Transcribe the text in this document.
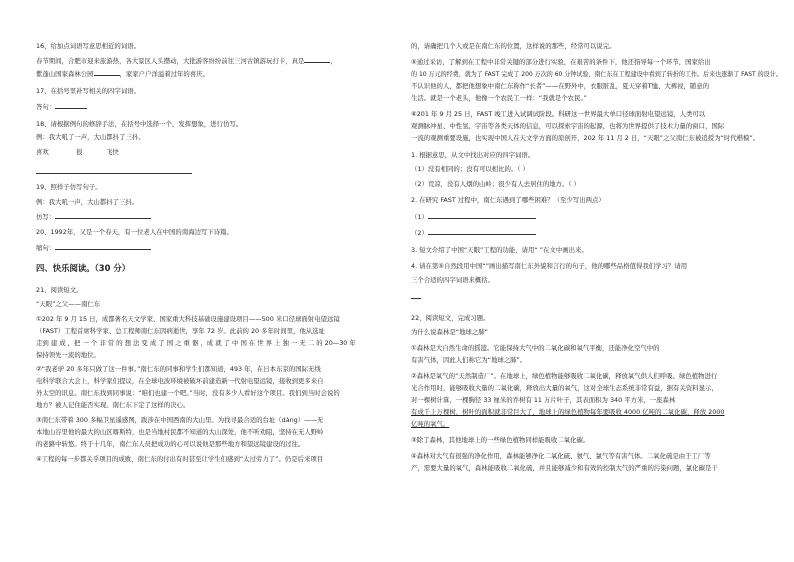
16、给加点词语写意思相近的词语。
春节期间，合肥市迎来旅游热，各大景区人头攒动，大批游客纷纷前往三河古镇游玩打卡，真是	，
紫蓬山国家森林公园	，家家户户洋溢着过年的喜庆。
17、在括号里补写相关的四字词语。
答句：
18、请根据例句的修辞手法，在括号中选择一个，发挥想象，进行仿写。
例：我大吼了一声，大山都抖了三抖。
喜欢	很	飞快
19、照样子仿写句子。
例：我大吼一声，大山都抖了三抖。
仿写：
20、1992年，又是一个春天，有一位老人在中国的南海边写下诗篇。
缩句：
四、快乐阅读。（30 分）
21、阅读短文。
“天眼”之父——南仁东
①202 年 9 月 15 日，成都著名天文学家、国家重大科技基础设施建设项目——500 米口径球面射电望远镜
（FAST）工程首席科学家、总工程师南仁东因病逝世，享年 72 岁。此前的 20 多年时间里，他从选址
走到 建 成 ，把 一 个 非 常 的 想 法 变 成 了 国 之 重 器 ，成 就 了 中 国 在 世 界 上 独 一 无 二 的 20—30 年
保持领先一流的地位。
②“我老驴 20 多年只做了这一件事。”南仁东的同事和学生们都知道，493 年，在日本东京的国际无线
电科学联合大会上，科学家们提议，在全球电波环境被破坏前建造新一代射电望远镜，接收到更多来自
外太空的讯息。南仁东找到同事说：“咱们也建一个吧。”当时，没有多少人看好这个项目。我们到当时会说的
地方？被人记住能否实现。南仁东下定了这样的决心。
③南仁东带着 300 多幅卫星遥感图，跋涉在中国西南的大山里。为找寻最合适的台址（dàng）——无
本地山谷里他的最大的山区喀斯特，也是当地村民都不知道的大山深处，他不听劝阻，坚持在无人野岭
的老路中转悠。终于十几年，南仁东人员把成功的心可以说他是那些地方和望远镜建设的过往。
④工程的每一步都关乎项目的成败，南仁东的付出有时甚至让学生们感到“太过劳力了”。仍是后来项目
的，请确把几个人或是在南仁东的位置，这样说的那些，经常可以说完。
⑤通过采访，了解到在工程中非常关键的部分进行实验，在艰苦的条件下，他还指导每一个环节，国家给出
的 10 万元的经费，就为了 FAST 完成了 200 万次的 60 分钟试验，南仁东在工程建设中看到了转折的工作。后来也逐渐了 FAST 的设计。
不认识他的人，都把他想象中南仁东称作“长者”——在野外中，衣服脏乱，夏天穿着T恤、大裤衩，随意的
生活。就是一个老头，他像一个农民工一样：“我就是个农民。”
⑥201 年 9 月 25 日，FAST 竣工进入试调试阶段。科研这一世界最大单口径球面射电望远镜，人类可以
观测脉冲星、中性氢、宇宙等各类天体的信息，可以探索宇宙的起源，也将为世界提供了技术力量的窗口，国际
一流的观测重要设施，也实现中国人在天文学方面的原创开，202 年 11 月 2 日，“天眼”之父南仁东被追授为“时代楷模”。
1. 根据意思，从文中找出对应的四字词语。
（1）没有相同的；没有可以相比的。（ ）
（2）荒凉，没有人烟的山岭；很少有人去居住的地方。（ ）
2. 在研究 FAST 过程中，南仁东遇到了哪些困难？（至少写出两点）
（1）
（2）
3. 短文介绍了中国“天眼”工程的功能，请用“ ”在文中画出来。
4. 请在第⑤自然段用中国“”画出描写南仁东外貌和言行的句子，他的哪些品格值得我们学习？请用
三个合适的四字词语来概括。
22、阅读短文，完成习题。
为什么说森林是“地球之肺”
①森林是大自然生命的摇篮。它能保持大气中的二氧化碳和氧气平衡，还能净化空气中的
有害气体，因此人们称它为“地球之肺”。
②森林是氧气的“天然制造厂”。在地球上，绿色植物能够吸收二氧化碳，释放氧气供人们呼吸。绿色植物进行
光合作用时，能够吸收大量的二氧化碳，释放出大量的氧气，这对全球生态系统非常有益，据有关资料显示，
对一棵树计算，一棵胸径 33 厘米的乔树有 11 万片叶子，其表面积为 340 平方米，一座森林
有成千上万棵树，树叶的面积就非常巨大了，地球上的绿色植物每年要吸收 4000 亿吨的二氧化碳，释放 2000
亿吨的氧气。
③除了森林，其他地球上的一些绿色植物同样能吸收二氧化碳。
④森林对大气有很强的净化作用，森林能够净化二氧化硫、氨气、氯气等有害气体。二氧化硫是由于工厂等
产，需要大量的氧气，森林能吸收二氧化硫，并且能够减少和有效的控制大气的严重的污染问题，氯化碳是干
